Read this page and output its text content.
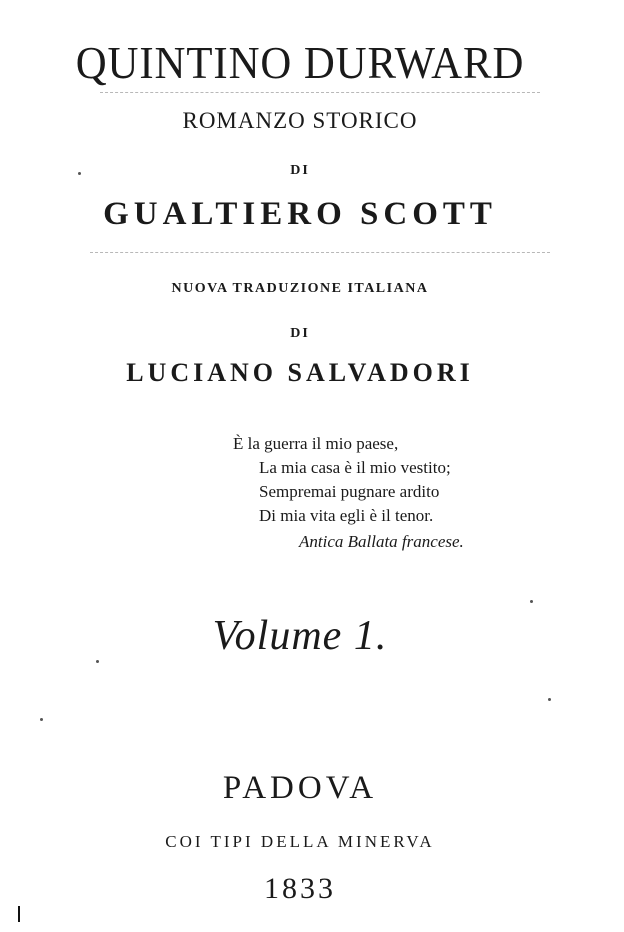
QUINTINO DURWARD
ROMANZO STORICO
DI
GUALTIERO SCOTT
NUOVA TRADUZIONE ITALIANA
DI
LUCIANO SALVADORI
È la guerra il mio paese,
La mia casa è il mio vestito;
Sempremai pugnare ardito
Di mia vita egli è il tenor.
Antica Ballata francese.
Volume 1.
PADOVA
COI TIPI DELLA MINERVA
1833
